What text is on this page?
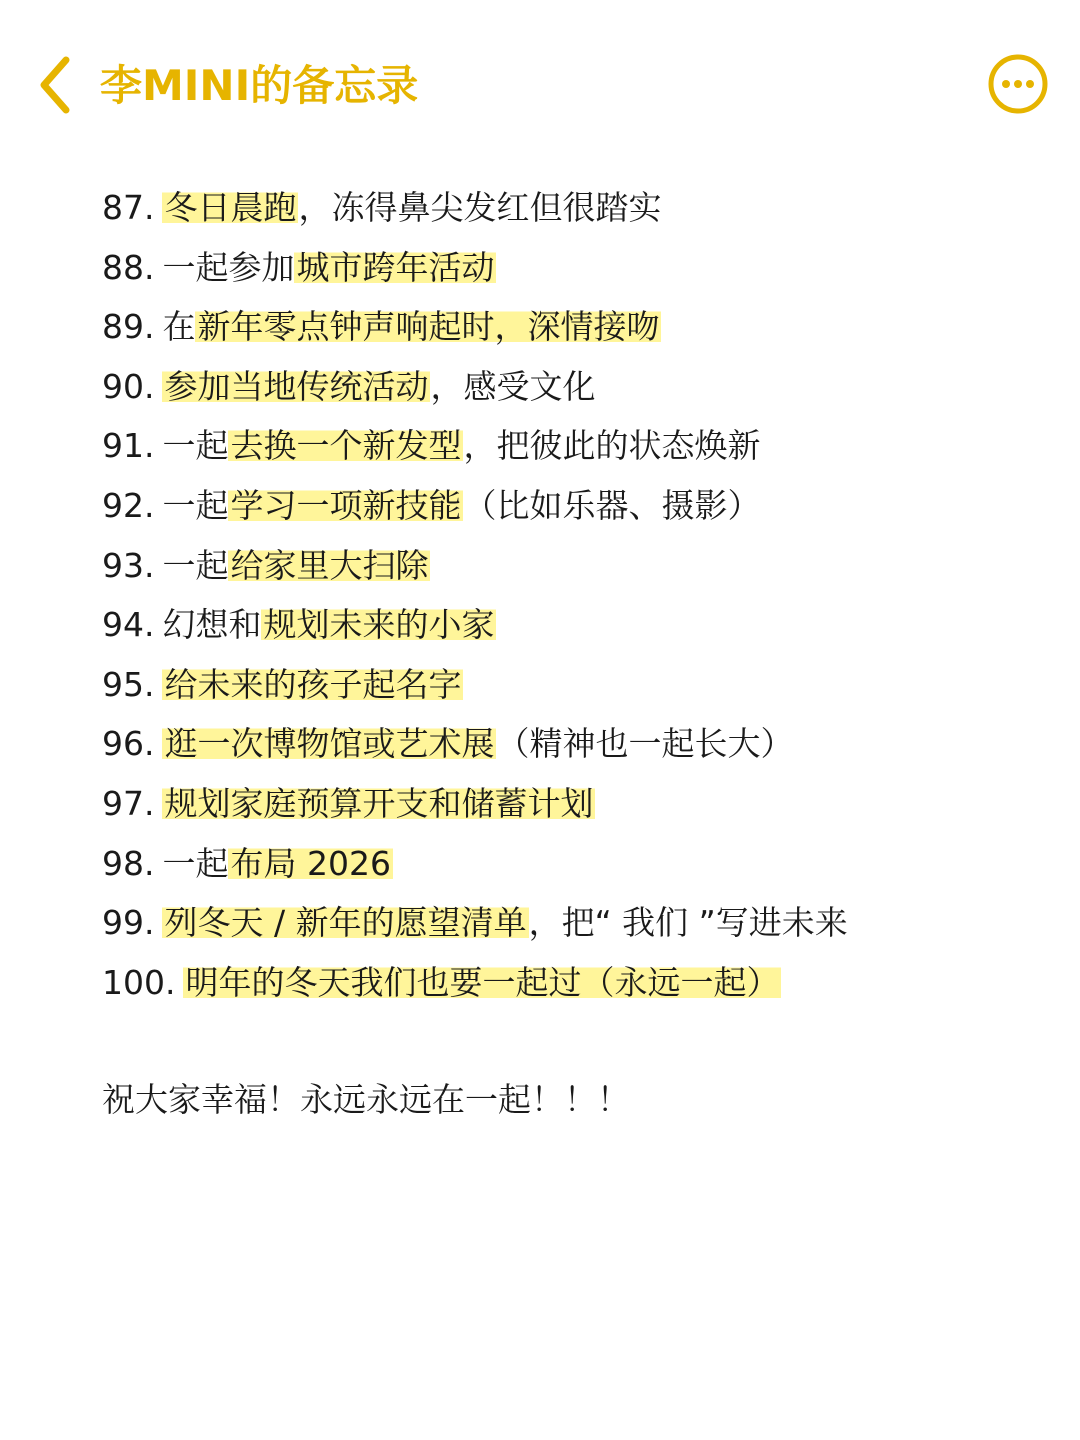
李MINI的备忘录
87. 冬日晨跑，冻得鼻尖发红但很踏实
88. 一起参加城市跨年活动
89. 在新年零点钟声响起时，深情接吻
90. 参加当地传统活动，感受文化
91. 一起去换一个新发型，把彼此的状态焕新
92. 一起学习一项新技能（比如乐器、摄影）
93. 一起给家里大扫除
94. 幻想和规划未来的小家
95. 给未来的孩子起名字
96. 逛一次博物馆或艺术展（精神也一起长大）
97. 规划家庭预算开支和储蓄计划
98. 一起布局 2026
99. 列冬天 / 新年的愿望清单，把“ 我们 ”写进未来
100. 明年的冬天我们也要一起过（永远一起）
祝大家幸福！永远永远在一起！！！
